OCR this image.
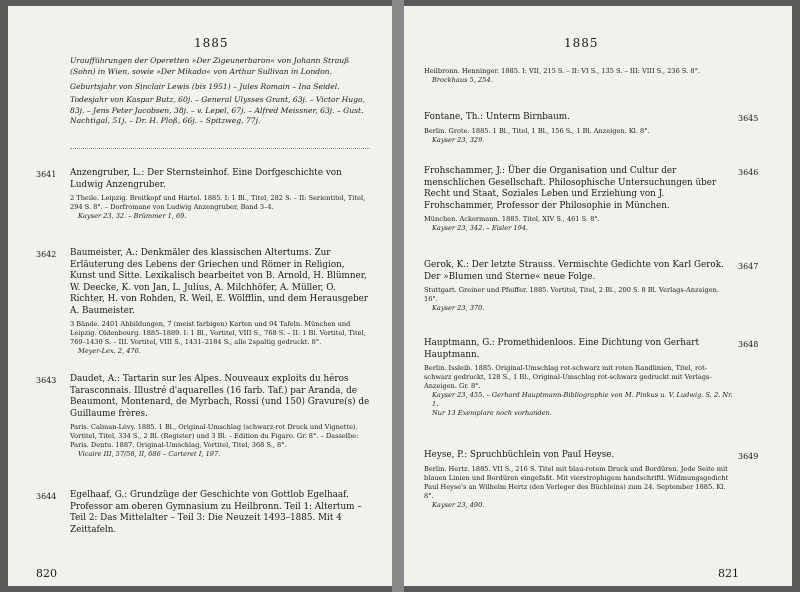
1885
Uraufführungen der Operetten »Der Zigeunerbaron« von Johann Strauß (Sohn) in Wien, sowie »Der Mikado« von Arthur Sullivan in London.
Geburtsjahr von Sinclair Lewis (bis 1951) – Jules Romain – Ina Seidel.
Todesjahr von Kaspar Butz, 60j. – General Ulysses Grant, 63j. – Victor Hugo, 83j. – Jens Peter Jacobsen, 38j. – v. Lepel, 67j. – Alfred Meissner, 63j. – Gust. Nachtigal, 51j. – Dr. H. Ploß, 66j. – Spitzweg, 77j.
3641 Anzengruber, L.: Der Sternsteinhof. Eine Dorfgeschichte von Ludwig Anzengruber.
2 Theile. Leipzig. Breitkopf und Härtel. 1885. I: 1 Bl., Titel, 282 S. – II: Serientitel, Titel, 294 S. 8°. – Dorfromane von Ludwig Anzengruber, Band 3–4.
Kayser 23, 32. – Brümmer 1, 69.
3642 Baumeister, A.: Denkmäler des klassischen Altertums. Zur Erläuterung des Lebens der Griechen und Römer in Religion, Kunst und Sitte. Lexikalisch bearbeitet von B. Arnold, H. Blümner, W. Deecke, K. von Jan, L. Julius, A. Milchhöfer, A. Müller, O. Richter, H. von Rohden, R. Weil, E. Wölfflin, und dem Herausgeber A. Baumeister.
3 Bände. 2401 Abbildungen, 7 (meist farbigen) Karten und 94 Tafeln. München und Leipzig. Oldenbourg. 1885–1889. I: 1 Bl., Vortitel, VIII S., 768 S. – II: 1 Bl. Vortitel, Titel, 769–1430 S. – III. Vortitel, VIII S., 1431–2184 S., alle 2spaltig gedruckt. 8°.
Meyer-Lex. 2, 476.
3643 Daudet, A.: Tartarin sur les Alpes. Nouveaux exploits du héros Tarasconnais. Illustré d'aquarelles (16 farb. Taf.) par Aranda, de Beaumont, Montenard, de Myrbach, Rossi (und 150) Gravure(s) de Guillaume frères.
Paris. Calman-Lévy. 1885. 1 Bl., Original-Umschlag (schwarz-rot Druck und Vignette). Vortitel, Titel, 334 S., 2 Bl. (Register) und 3 Bl. – Edition du Figaro. Gr. 8°. – Dasselbe: Paris. Dentu. 1887. Original-Umschlag, Vortitel, Titel, 368 S., 8°.
Vicaire III, 57/58, II, 686 – Carteret I, 197.
3644 Egelhaaf, G.: Grundzüge der Geschichte von Gottlob Egelhaaf. Professor am oberen Gymnasium zu Heilbronn. Teil 1: Altertum – Teil 2: Das Mittelalter – Teil 3: Die Neuzeit 1493–1885. Mit 4 Zeittafeln.
820
1885
Heilbronn. Henninger. 1885. I: VII, 215 S. – II: VI S., 135 S. – III: VIII S., 236 S. 8°.
Brockhaus 5, 254.
3645
Fontane, Th.: Unterm Birnbaum.
Berlin. Grote. 1885. 1 Bl., Titel, 1 Bl., 156 S., 1 Bl. Anzeigen. Kl. 8°.
Kayser 23, 329.
3646
Frohschammer, J.: Über die Organisation und Cultur der menschlichen Gesellschaft. Philosophische Untersuchungen über Recht und Staat, Soziales Leben und Erziehung von J. Frohschammer, Professor der Philosophie in München.
München. Ackermann. 1885. Titel, XIV S., 461 S. 8°.
Kayser 23, 342. – Eisler 194.
3647
Gerok, K.: Der letzte Strauss. Vermischte Gedichte von Karl Gerok. Der »Blumen und Sterne« neue Folge.
Stuttgart. Greiner und Pfeiffer. 1885. Vortitel, Titel, 2 Bl., 200 S. 8 Bl. Verlags-Anzeigen. 16°.
Kayser 23, 370.
3648
Hauptmann, G.: Promethidenloos. Eine Dichtung von Gerhart Hauptmann.
Berlin. Issleib. 1885. Original-Umschlag rot-schwarz mit roten Randlinien, Titel, rot-schwarz gedruckt, 128 S., 1 Bl., Original-Umschlag rot-schwarz gedruckt mit Verlags-Anzeigen. Gr. 8°.
Kayser 23, 455. – Gerhard Hauptmann-Bibliographie von M. Pinkus u. V. Ludwig. S. 2. Nr. 1.
Nur 13 Exemplare noch vorhanden.
3649
Heyse, P.: Spruchbüchlein von Paul Heyse.
Berlin. Hertz. 1885. VII S., 216 S. Titel mit blau-rotem Druck und Bordüren. Jede Seite mit blauen Linien und Bordüren eingefaßt. Mit vierstrophigem handschriftl. Widmungsgedicht Paul Heyse's an Wilhelm Hertz (den Verleger des Büchleins) zum 24. September 1885. Kl. 8°.
Kayser 23, 490.
821
